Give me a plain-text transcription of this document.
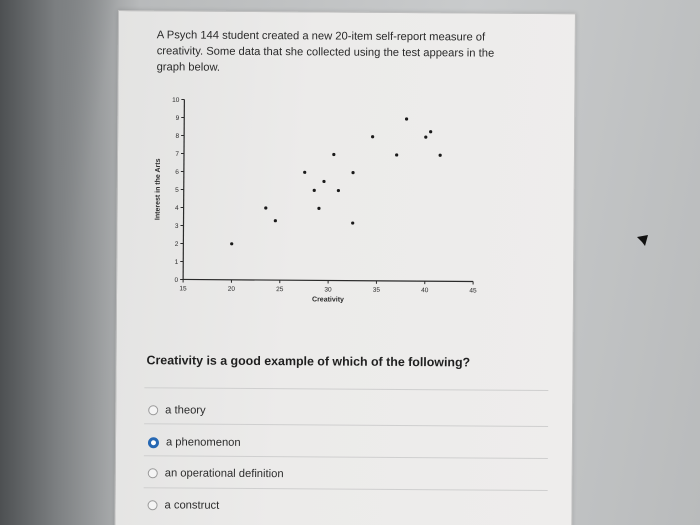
A Psych 144 student created a new 20-item self-report measure of
creativity. Some data that she collected using the test appears in the
graph below.
0
1
2
3
4
5
6
7
8
9
10
15	20	25	30	35	40	45
Creativity
Interest in the Arts
Creativity is a good example of which of the following?
a theory
a phenomenon
an operational definition
a construct
